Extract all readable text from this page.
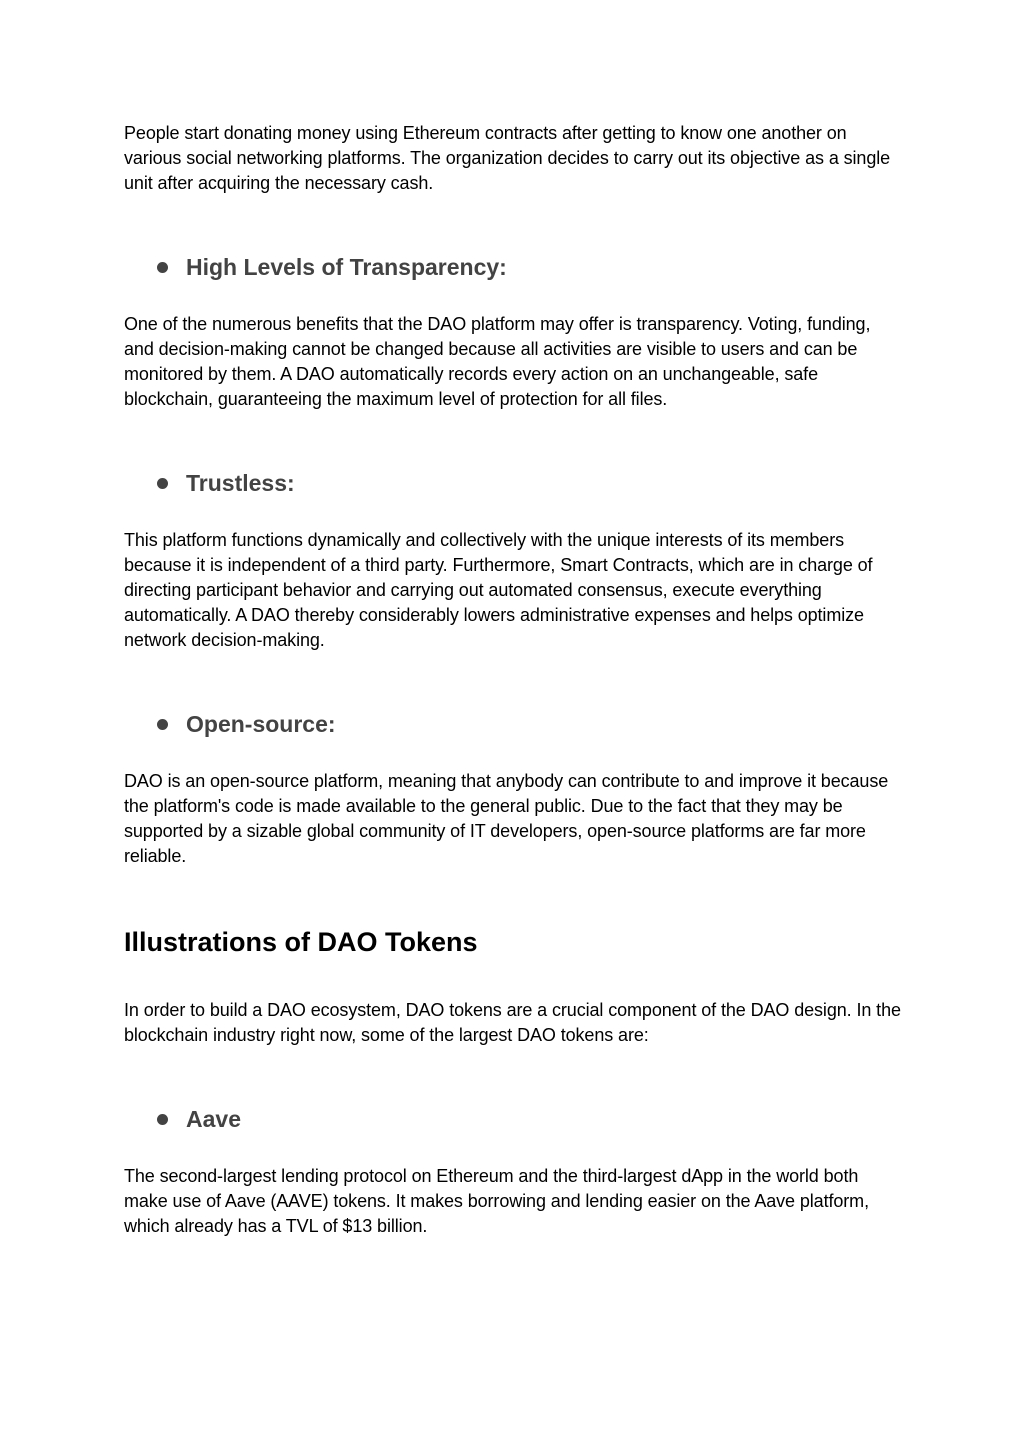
People start donating money using Ethereum contracts after getting to know one another on various social networking platforms. The organization decides to carry out its objective as a single unit after acquiring the necessary cash.

High Levels of Transparency:

One of the numerous benefits that the DAO platform may offer is transparency. Voting, funding, and decision-making cannot be changed because all activities are visible to users and can be monitored by them. A DAO automatically records every action on an unchangeable, safe blockchain, guaranteeing the maximum level of protection for all files.

Trustless:

This platform functions dynamically and collectively with the unique interests of its members because it is independent of a third party. Furthermore, Smart Contracts, which are in charge of directing participant behavior and carrying out automated consensus, execute everything automatically. A DAO thereby considerably lowers administrative expenses and helps optimize network decision-making.

Open-source:

DAO is an open-source platform, meaning that anybody can contribute to and improve it because the platform's code is made available to the general public. Due to the fact that they may be supported by a sizable global community of IT developers, open-source platforms are far more reliable.

Illustrations of DAO Tokens

In order to build a DAO ecosystem, DAO tokens are a crucial component of the DAO design. In the blockchain industry right now, some of the largest DAO tokens are:

Aave

The second-largest lending protocol on Ethereum and the third-largest dApp in the world both make use of Aave (AAVE) tokens. It makes borrowing and lending easier on the Aave platform, which already has a TVL of $13 billion.
